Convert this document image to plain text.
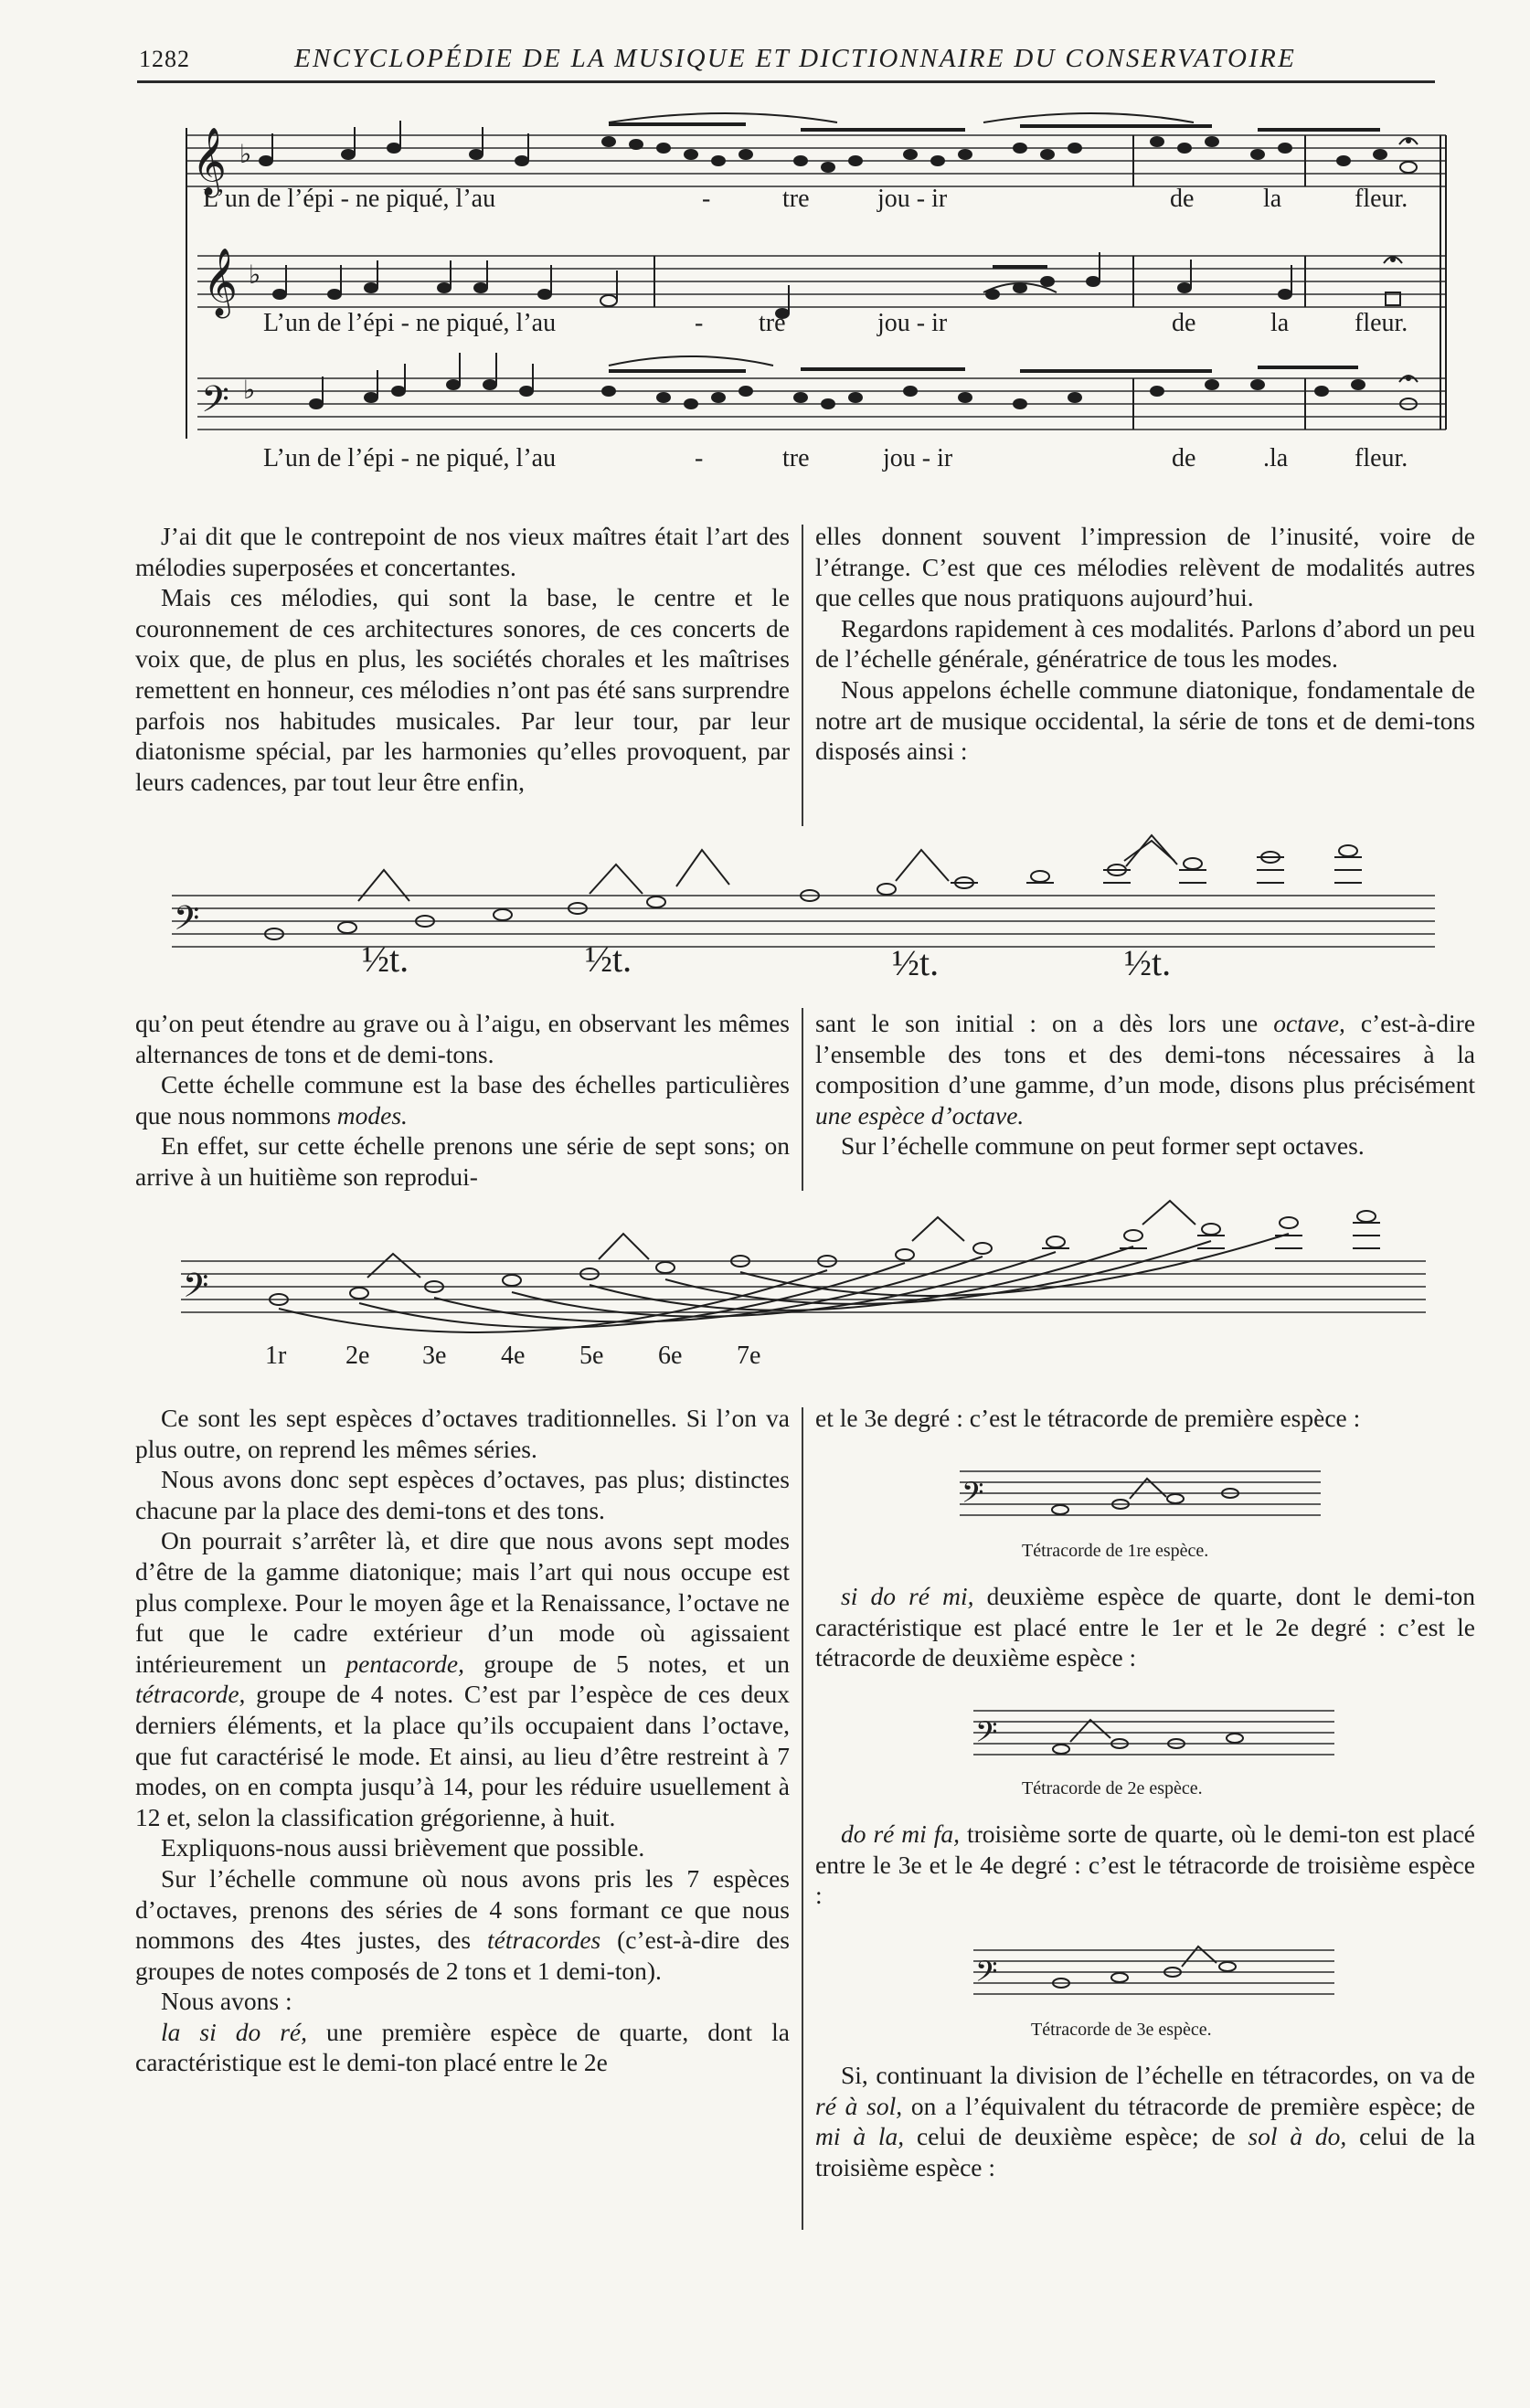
1282	ENCYCLOPÉDIE DE LA MUSIQUE ET DICTIONNAIRE DU CONSERVATOIRE
𝄞
𝄞
𝄢
♭
♭
♭
L’un de l’épi - ne piqué, l’au	-	tre	jou - ir	de	la	fleur.
L’un de l’épi - ne piqué, l’au	- tre	jou - ir	de	la	fleur.
L’un de l’épi - ne piqué, l’au	-	tre	jou - ir	de	.la	fleur.

J’ai dit que le contrepoint de nos vieux maîtres était l’art des mélodies superposées et concertantes.

Mais ces mélodies, qui sont la base, le centre et le couronnement de ces architectures sonores, de ces concerts de voix que, de plus en plus, les sociétés chorales et les maîtrises remettent en honneur, ces mélodies n’ont pas été sans surprendre parfois nos habitudes musicales. Par leur tour, par leur diatonisme spécial, par les harmonies qu’elles provoquent, par leurs cadences, par tout leur être enfin,

elles donnent souvent l’impression de l’inusité, voire de l’étrange. C’est que ces mélodies relèvent de modalités autres que celles que nous pratiquons aujourd’hui.

Regardons rapidement à ces modalités. Parlons d’abord un peu de l’échelle générale, génératrice de tous les modes.

Nous appelons échelle commune diatonique, fondamentale de notre art de musique occidental, la série de tons et de demi-tons disposés ainsi :

𝄢
½t.	½t.	½t.	½t.

qu’on peut étendre au grave ou à l’aigu, en observant les mêmes alternances de tons et de demi-tons.

Cette échelle commune est la base des échelles particulières que nous nommons modes.

En effet, sur cette échelle prenons une série de sept sons; on arrive à un huitième son reprodui-

sant le son initial : on a dès lors une octave, c’est-à-dire l’ensemble des tons et des demi-tons nécessaires à la composition d’une gamme, d’un mode, disons plus précisément une espèce d’octave.

Sur l’échelle commune on peut former sept octaves.

𝄢
1r 2e 3e 4e 5e 6e 7e

Ce sont les sept espèces d’octaves traditionnelles. Si l’on va plus outre, on reprend les mêmes séries.

Nous avons donc sept espèces d’octaves, pas plus; distinctes chacune par la place des demi-tons et des tons.

On pourrait s’arrêter là, et dire que nous avons sept modes d’être de la gamme diatonique; mais l’art qui nous occupe est plus complexe. Pour le moyen âge et la Renaissance, l’octave ne fut que le cadre extérieur d’un mode où agissaient intérieurement un pentacorde, groupe de 5 notes, et un tétracorde, groupe de 4 notes. C’est par l’espèce de ces deux derniers éléments, et la place qu’ils occupaient dans l’octave, que fut caractérisé le mode. Et ainsi, au lieu d’être restreint à 7 modes, on en compta jusqu’à 14, pour les réduire usuellement à 12 et, selon la classification grégorienne, à huit.

Expliquons-nous aussi brièvement que possible.

Sur l’échelle commune où nous avons pris les 7 espèces d’octaves, prenons des séries de 4 sons formant ce que nous nommons des 4tes justes, des tétracordes (c’est-à-dire des groupes de notes composés de 2 tons et 1 demi-ton).

Nous avons :

la si do ré, une première espèce de quarte, dont la caractéristique est le demi-ton placé entre le 2e

et le 3e degré : c’est le tétracorde de première espèce :

𝄢
Tétracorde de 1re espèce.

si do ré mi, deuxième espèce de quarte, dont le demi-ton caractéristique est placé entre le 1er et le 2e degré : c’est le tétracorde de deuxième espèce :

𝄢
Tétracorde de 2e espèce.

do ré mi fa, troisième sorte de quarte, où le demi-ton est placé entre le 3e et le 4e degré : c’est le tétracorde de troisième espèce :

𝄢
Tétracorde de 3e espèce.

Si, continuant la division de l’échelle en tétracordes, on va de ré à sol, on a l’équivalent du tétracorde de première espèce; de mi à la, celui de deuxième espèce; de sol à do, celui de la troisième espèce :
